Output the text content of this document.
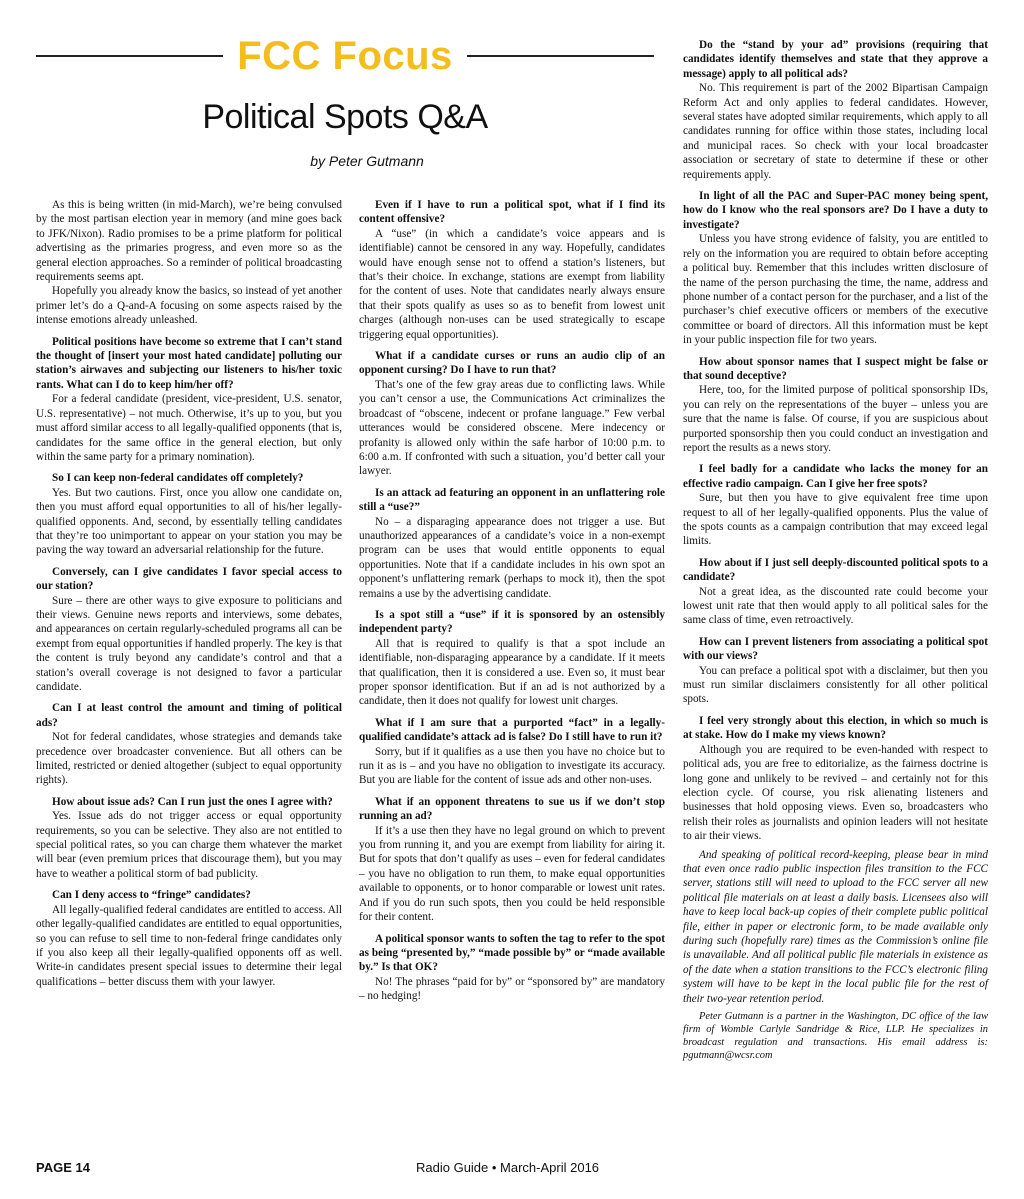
FCC Focus
Political Spots Q&A
by Peter Gutmann

As this is being written (in mid-March), we’re being convulsed by the most partisan election year in memory (and mine goes back to JFK/Nixon). Radio promises to be a prime platform for political advertising as the primaries progress, and even more so as the general election approaches. So a reminder of political broadcasting requirements seems apt.

Hopefully you already know the basics, so instead of yet another primer let’s do a Q-and-A focusing on some aspects raised by the intense emotions already unleashed.

Political positions have become so extreme that I can’t stand the thought of [insert your most hated candidate] polluting our station’s airwaves and subjecting our listeners to his/her toxic rants. What can I do to keep him/her off?

For a federal candidate (president, vice-president, U.S. senator, U.S. representative) – not much. Otherwise, it’s up to you, but you must afford similar access to all legally-qualified opponents (that is, candidates for the same office in the general election, but only within the same party for a primary nomination).

So I can keep non-federal candidates off completely?

Yes. But two cautions. First, once you allow one candidate on, then you must afford equal opportunities to all of his/her legally-qualified opponents. And, second, by essentially telling candidates that they’re too unimportant to appear on your station you may be paving the way toward an adversarial relationship for the future.

Conversely, can I give candidates I favor special access to our station?

Sure – there are other ways to give exposure to politicians and their views. Genuine news reports and interviews, some debates, and appearances on certain regularly-scheduled programs all can be exempt from equal opportunities if handled properly. The key is that the content is truly beyond any candidate’s control and that a station’s overall coverage is not designed to favor a particular candidate.

Can I at least control the amount and timing of political ads?

Not for federal candidates, whose strategies and demands take precedence over broadcaster convenience. But all others can be limited, restricted or denied altogether (subject to equal opportunity rights).

How about issue ads? Can I run just the ones I agree with?

Yes. Issue ads do not trigger access or equal opportunity requirements, so you can be selective. They also are not entitled to special political rates, so you can charge them whatever the market will bear (even premium prices that discourage them), but you may have to weather a political storm of bad publicity.

Can I deny access to “fringe” candidates?

All legally-qualified federal candidates are entitled to access. All other legally-qualified candidates are entitled to equal opportunities, so you can refuse to sell time to non-federal fringe candidates only if you also keep all their legally-qualified opponents off as well. Write-in candidates present special issues to determine their legal qualifications – better discuss them with your lawyer.

Even if I have to run a political spot, what if I find its content offensive?

A “use” (in which a candidate’s voice appears and is identifiable) cannot be censored in any way. Hopefully, candidates would have enough sense not to offend a station’s listeners, but that’s their choice. In exchange, stations are exempt from liability for the content of uses. Note that candidates nearly always ensure that their spots qualify as uses so as to benefit from lowest unit charges (although non-uses can be used strategically to escape triggering equal opportunities).

What if a candidate curses or runs an audio clip of an opponent cursing? Do I have to run that?

That’s one of the few gray areas due to conflicting laws. While you can’t censor a use, the Communications Act criminalizes the broadcast of “obscene, indecent or profane language.” Few verbal utterances would be considered obscene. Mere indecency or profanity is allowed only within the safe harbor of 10:00 p.m. to 6:00 a.m. If confronted with such a situation, you’d better call your lawyer.

Is an attack ad featuring an opponent in an unflattering role still a “use?”

No – a disparaging appearance does not trigger a use. But unauthorized appearances of a candidate’s voice in a non-exempt program can be uses that would entitle opponents to equal opportunities. Note that if a candidate includes in his own spot an opponent’s unflattering remark (perhaps to mock it), then the spot remains a use by the advertising candidate.

Is a spot still a “use” if it is sponsored by an ostensibly independent party?

All that is required to qualify is that a spot include an identifiable, non-disparaging appearance by a candidate. If it meets that qualification, then it is considered a use. Even so, it must bear proper sponsor identification. But if an ad is not authorized by a candidate, then it does not qualify for lowest unit charges.

What if I am sure that a purported “fact” in a legally-qualified candidate’s attack ad is false? Do I still have to run it?

Sorry, but if it qualifies as a use then you have no choice but to run it as is – and you have no obligation to investigate its accuracy. But you are liable for the content of issue ads and other non-uses.

What if an opponent threatens to sue us if we don’t stop running an ad?

If it’s a use then they have no legal ground on which to prevent you from running it, and you are exempt from liability for airing it. But for spots that don’t qualify as uses – even for federal candidates – you have no obligation to run them, to make equal opportunities available to opponents, or to honor comparable or lowest unit rates. And if you do run such spots, then you could be held responsible for their content.

A political sponsor wants to soften the tag to refer to the spot as being “presented by,” “made possible by” or “made available by.” Is that OK?

No! The phrases “paid for by” or “sponsored by” are mandatory – no hedging!

Do the “stand by your ad” provisions (requiring that candidates identify themselves and state that they approve a message) apply to all political ads?

No. This requirement is part of the 2002 Bipartisan Campaign Reform Act and only applies to federal candidates. However, several states have adopted similar requirements, which apply to all candidates running for office within those states, including local and municipal races. So check with your local broadcaster association or secretary of state to determine if these or other requirements apply.

In light of all the PAC and Super-PAC money being spent, how do I know who the real sponsors are? Do I have a duty to investigate?

Unless you have strong evidence of falsity, you are entitled to rely on the information you are required to obtain before accepting a political buy. Remember that this includes written disclosure of the name of the person purchasing the time, the name, address and phone number of a contact person for the purchaser, and a list of the purchaser’s chief executive officers or members of the executive committee or board of directors. All this information must be kept in your public inspection file for two years.

How about sponsor names that I suspect might be false or that sound deceptive?

Here, too, for the limited purpose of political sponsorship IDs, you can rely on the representations of the buyer – unless you are sure that the name is false. Of course, if you are suspicious about purported sponsorship then you could conduct an investigation and report the results as a news story.

I feel badly for a candidate who lacks the money for an effective radio campaign. Can I give her free spots?

Sure, but then you have to give equivalent free time upon request to all of her legally-qualified opponents. Plus the value of the spots counts as a campaign contribution that may exceed legal limits.

How about if I just sell deeply-discounted political spots to a candidate?

Not a great idea, as the discounted rate could become your lowest unit rate that then would apply to all political sales for the same class of time, even retroactively.

How can I prevent listeners from associating a political spot with our views?

You can preface a political spot with a disclaimer, but then you must run similar disclaimers consistently for all other political spots.

I feel very strongly about this election, in which so much is at stake. How do I make my views known?

Although you are required to be even-handed with respect to political ads, you are free to editorialize, as the fairness doctrine is long gone and unlikely to be revived – and certainly not for this election cycle. Of course, you risk alienating listeners and businesses that hold opposing views. Even so, broadcasters who relish their roles as journalists and opinion leaders will not hesitate to air their views.

And speaking of political record-keeping, please bear in mind that even once radio public inspection files transition to the FCC server, stations still will need to upload to the FCC server all new political file materials on at least a daily basis. Licensees also will have to keep local back-up copies of their complete public political file, either in paper or electronic form, to be made available only during such (hopefully rare) times as the Commission’s online file is unavailable. And all political public file materials in existence as of the date when a station transitions to the FCC’s electronic filing system will have to be kept in the local public file for the rest of their two-year retention period.

Peter Gutmann is a partner in the Washington, DC office of the law firm of Womble Carlyle Sandridge & Rice, LLP. He specializes in broadcast regulation and transactions. His email address is: pgutmann@wcsr.com

PAGE 14	Radio Guide • March-April 2016
